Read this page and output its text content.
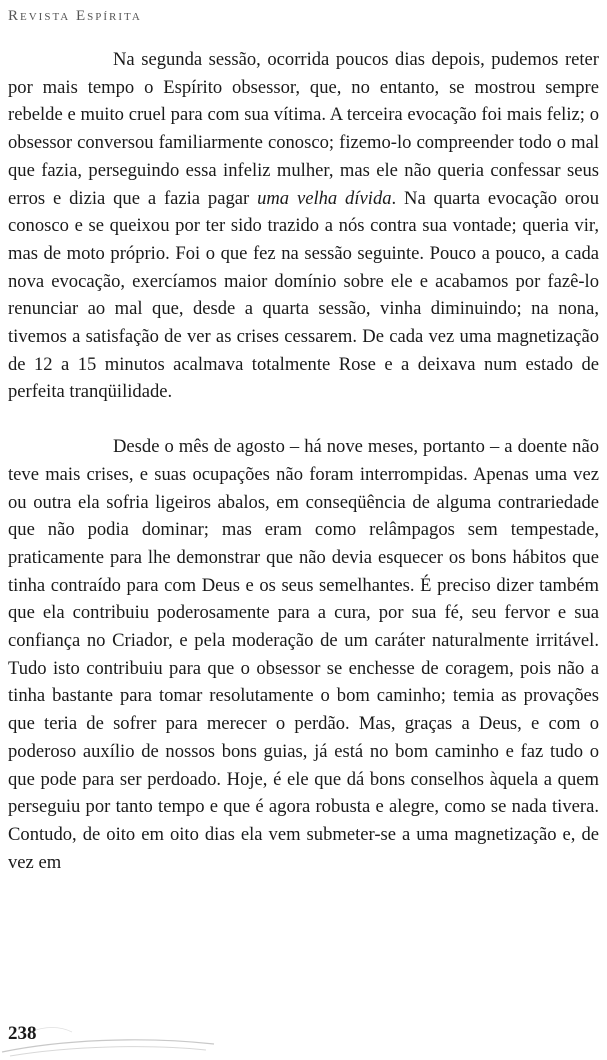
Revista Espírita

Na segunda sessão, ocorrida poucos dias depois, pudemos reter por mais tempo o Espírito obsessor, que, no entanto, se mostrou sempre rebelde e muito cruel para com sua vítima. A terceira evocação foi mais feliz; o obsessor conversou familiarmente conosco; fizemo-lo compreender todo o mal que fazia, perseguindo essa infeliz mulher, mas ele não queria confessar seus erros e dizia que a fazia pagar uma velha dívida. Na quarta evocação orou conosco e se queixou por ter sido trazido a nós contra sua vontade; queria vir, mas de moto próprio. Foi o que fez na sessão seguinte. Pouco a pouco, a cada nova evocação, exercíamos maior domínio sobre ele e acabamos por fazê-lo renunciar ao mal que, desde a quarta sessão, vinha diminuindo; na nona, tivemos a satisfação de ver as crises cessarem. De cada vez uma magnetização de 12 a 15 minutos acalmava totalmente Rose e a deixava num estado de perfeita tranqüilidade.

Desde o mês de agosto – há nove meses, portanto – a doente não teve mais crises, e suas ocupações não foram interrompidas. Apenas uma vez ou outra ela sofria ligeiros abalos, em conseqüência de alguma contrariedade que não podia dominar; mas eram como relâmpagos sem tempestade, praticamente para lhe demonstrar que não devia esquecer os bons hábitos que tinha contraído para com Deus e os seus semelhantes. É preciso dizer também que ela contribuiu poderosamente para a cura, por sua fé, seu fervor e sua confiança no Criador, e pela moderação de um caráter naturalmente irritável. Tudo isto contribuiu para que o obsessor se enchesse de coragem, pois não a tinha bastante para tomar resolutamente o bom caminho; temia as provações que teria de sofrer para merecer o perdão. Mas, graças a Deus, e com o poderoso auxílio de nossos bons guias, já está no bom caminho e faz tudo o que pode para ser perdoado. Hoje, é ele que dá bons conselhos àquela a quem perseguiu por tanto tempo e que é agora robusta e alegre, como se nada tivera. Contudo, de oito em oito dias ela vem submeter-se a uma magnetização e, de vez em

238
